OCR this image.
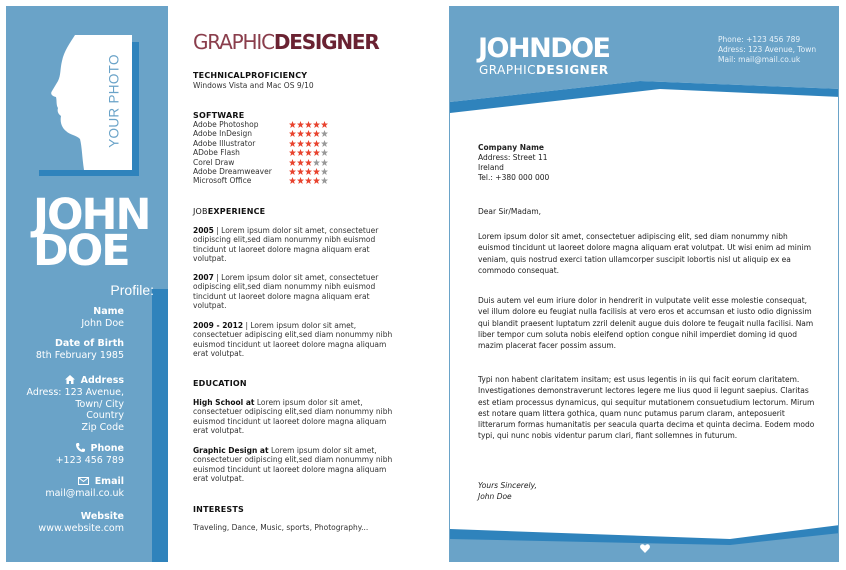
YOUR PHOTO
JOHN
DOE
Profile:
Name
John Doe
Date of Birth
8th February 1985
Address
Adress: 123 Avenue,
Town/ City
Country
Zip Code
Phone
+123 456 789
Email
mail@mail.co.uk
Website
www.website.com
GRAPHICDESIGNER
TECHNICALPROFICIENCY
Windows Vista and Mac OS 9/10
SOFTWARE
Adobe Photoshop
Adobe InDesign
Adobe Illustrator
ADobe Flash
Corel Draw
Adobe Dreamweaver
Microsoft Office
JOBEXPERIENCE
2005 | Lorem ipsum dolor sit amet, consectetuer odipiscing elit,sed diam nonummy nibh euismod tincidunt ut laoreet dolore magna aliquam erat volutpat.
2007 | Lorem ipsum dolor sit amet, consectetuer odipiscing elit,sed diam nonummy nibh euismod tincidunt ut laoreet dolore magna aliquam erat volutpat.
2009 - 2012 | Lorem ipsum dolor sit amet, consectetuer adipiscing elit,sed diam nonummy nibh euismod tincidunt ut laoreet dolore magna aliquam erat volutpat.
EDUCATION
High School at Lorem ipsum dolor sit amet, consectetuer odipiscing elit,sed diam nonummy nibh euismod tincidunt ut laoreet dolore magna aliquam erat volutpat.
Graphic Design at Lorem ipsum dolor sit amet, consectetuer odipiscing elit,sed diam nonummy nibh euismod tincidunt ut laoreet dolore magna aliquam erat volutpat.
INTERESTS
Traveling, Dance, Music, sports, Photography...
JOHNDOE
GRAPHICDESIGNER
Phone: +123 456 789
Adress: 123 Avenue, Town
Mail: mail@mail.co.uk
Company Name
Address: Street 11
Ireland
Tel.: +380 000 000
Dear Sir/Madam,
Lorem ipsum dolor sit amet, consectetuer adipiscing elit, sed diam nonummy nibh euismod tincidunt ut laoreet dolore magna aliquam erat volutpat. Ut wisi enim ad minim veniam, quis nostrud exerci tation ullamcorper suscipit lobortis nisl ut aliquip ex ea commodo consequat.
Duis autem vel eum iriure dolor in hendrerit in vulputate velit esse molestie consequat, vel illum dolore eu feugiat nulla facilisis at vero eros et accumsan et iusto odio dignissim qui blandit praesent luptatum zzril delenit augue duis dolore te feugait nulla facilisi. Nam liber tempor cum soluta nobis eleifend option congue nihil imperdiet doming id quod mazim placerat facer possim assum.
Typi non habent claritatem insitam; est usus legentis in iis qui facit eorum claritatem. Investigationes demonstraverunt lectores legere me lius quod ii legunt saepius. Claritas est etiam processus dynamicus, qui sequitur mutationem consuetudium lectorum. Mirum est notare quam littera gothica, quam nunc putamus parum claram, anteposuerit litterarum formas humanitatis per seacula quarta decima et quinta decima. Eodem modo typi, qui nunc nobis videntur parum clari, fiant sollemnes in futurum.
Yours Sincerely,
John Doe
